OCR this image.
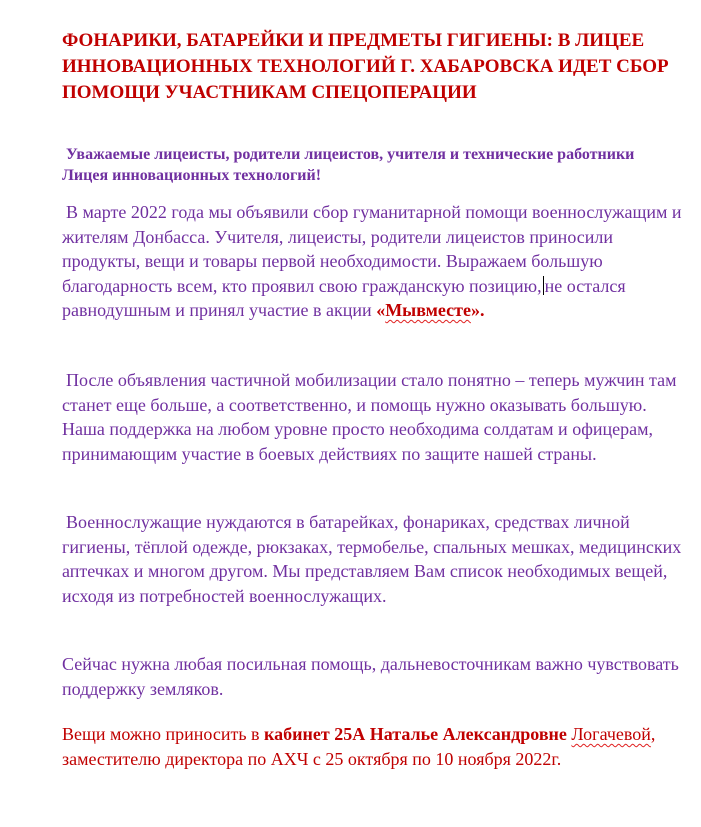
ФОНАРИКИ, БАТАРЕЙКИ И ПРЕДМЕТЫ ГИГИЕНЫ: В ЛИЦЕЕ ИННОВАЦИОННЫХ ТЕХНОЛОГИЙ Г. ХАБАРОВСКА ИДЕТ СБОР ПОМОЩИ УЧАСТНИКАМ СПЕЦОПЕРАЦИИ

Уважаемые лицеисты, родители лицеистов, учителя и технические работники Лицея инновационных технологий!

В марте 2022 года мы объявили сбор гуманитарной помощи военнослужащим и жителям Донбасса. Учителя, лицеисты, родители лицеистов приносили продукты, вещи и товары первой необходимости. Выражаем большую благодарность всем, кто проявил свою гражданскую позицию, не остался равнодушным и принял участие в акции «Мывместе».

После объявления частичной мобилизации стало понятно – теперь мужчин там станет еще больше, а соответственно, и помощь нужно оказывать большую. Наша поддержка на любом уровне просто необходима солдатам и офицерам, принимающим участие в боевых действиях по защите нашей страны.

Военнослужащие нуждаются в батарейках, фонариках, средствах личной гигиены, тёплой одежде, рюкзаках, термобелье, спальных мешках, медицинских аптечках и многом другом. Мы представляем Вам список необходимых вещей, исходя из потребностей военнослужащих.

Сейчас нужна любая посильная помощь, дальневосточникам важно чувствовать поддержку земляков.

Вещи можно приносить в кабинет 25А Наталье Александровне Логачевой, заместителю директора по АХЧ с 25 октября по 10 ноября 2022г.
